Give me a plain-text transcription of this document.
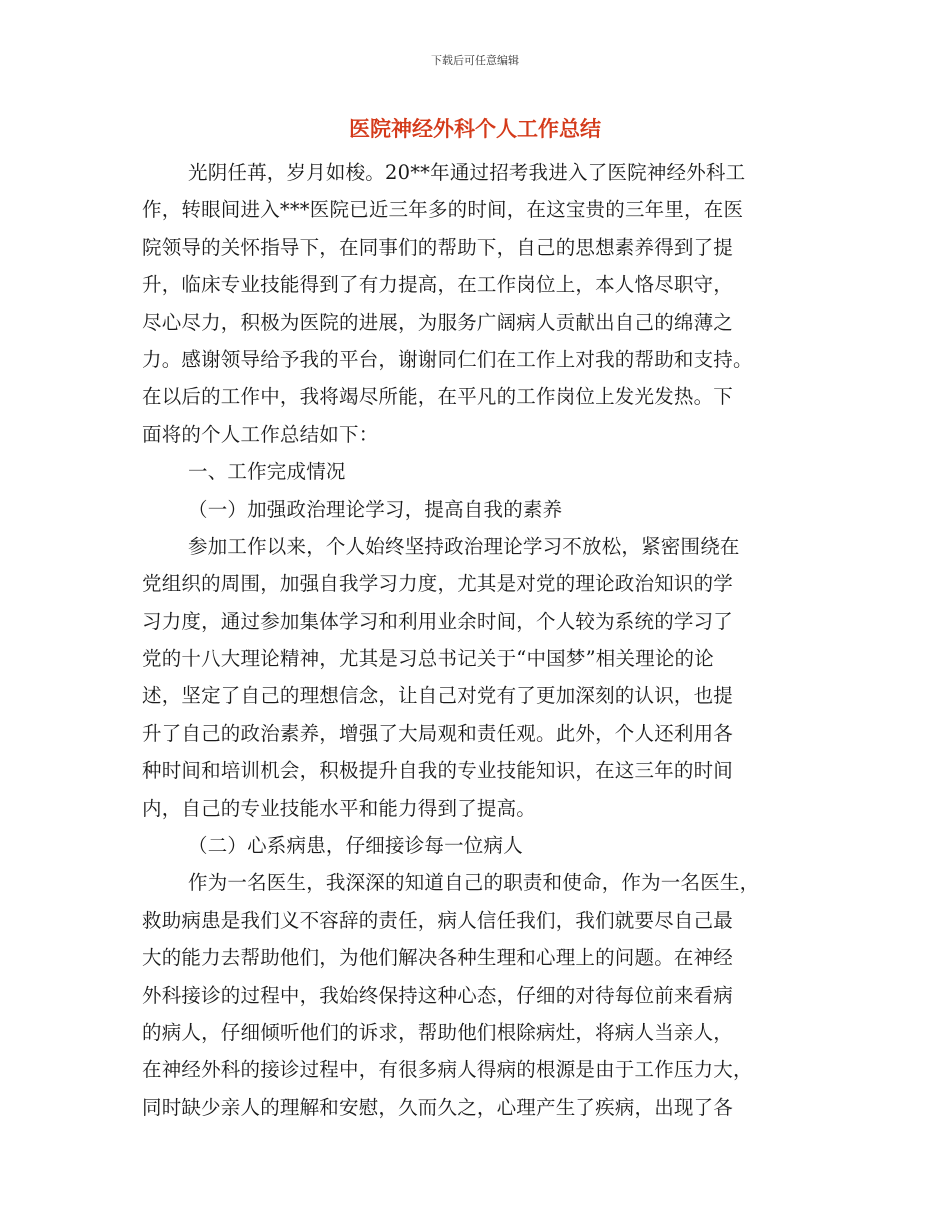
下载后可任意编辑
医院神经外科个人工作总结
光阴任苒，岁月如梭。20**年通过招考我进入了医院神经外科工
作，转眼间进入***医院已近三年多的时间，在这宝贵的三年里，在医
院领导的关怀指导下，在同事们的帮助下，自己的思想素养得到了提
升，临床专业技能得到了有力提高，在工作岗位上，本人恪尽职守，
尽心尽力，积极为医院的进展，为服务广阔病人贡献出自己的绵薄之
力。感谢领导给予我的平台，谢谢同仁们在工作上对我的帮助和支持。
在以后的工作中，我将竭尽所能，在平凡的工作岗位上发光发热。下
面将的个人工作总结如下：
一、工作完成情况
（一）加强政治理论学习，提高自我的素养
参加工作以来，个人始终坚持政治理论学习不放松，紧密围绕在
党组织的周围，加强自我学习力度，尤其是对党的理论政治知识的学
习力度，通过参加集体学习和利用业余时间，个人较为系统的学习了
党的十八大理论精神，尤其是习总书记关于“中国梦”相关理论的论
述，坚定了自己的理想信念，让自己对党有了更加深刻的认识，也提
升了自己的政治素养，增强了大局观和责任观。此外，个人还利用各
种时间和培训机会，积极提升自我的专业技能知识，在这三年的时间
内，自己的专业技能水平和能力得到了提高。
（二）心系病患，仔细接诊每一位病人
作为一名医生，我深深的知道自己的职责和使命，作为一名医生，
救助病患是我们义不容辞的责任，病人信任我们，我们就要尽自己最
大的能力去帮助他们，为他们解决各种生理和心理上的问题。在神经
外科接诊的过程中，我始终保持这种心态，仔细的对待每位前来看病
的病人，仔细倾听他们的诉求，帮助他们根除病灶，将病人当亲人，
在神经外科的接诊过程中，有很多病人得病的根源是由于工作压力大，
同时缺少亲人的理解和安慰，久而久之，心理产生了疾病，出现了各
